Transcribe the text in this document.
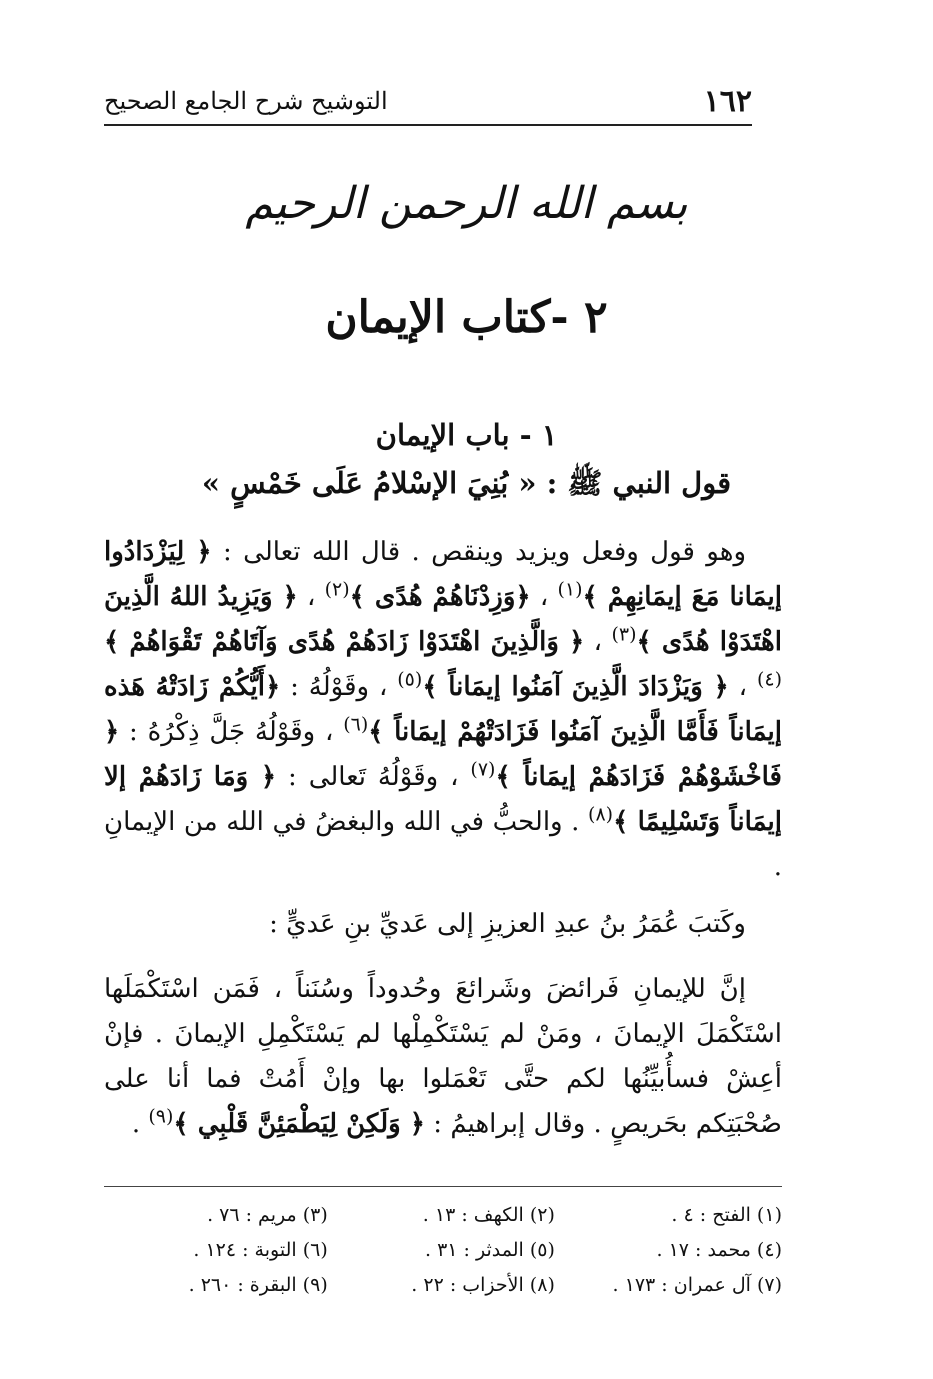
١٦٢
التوشيح شرح الجامع الصحيح
بسم الله الرحمن الرحيم
٢ -كتاب الإيمان
١ - باب الإيمان
قول النبي ﷺ : « بُنِيَ الإسْلامُ عَلَى خَمْسٍ »

وهو قول وفعل ويزيد وينقص . قال الله تعالى : ﴿ لِيَزْدَادُوا إيمَانا مَعَ إيمَانِهِمْ ﴾$^{(١)}$ ، ﴿وَزِدْنَاهُمْ هُدًى ﴾$^{(٢)}$ ، ﴿ وَيَزِيدُ اللهُ الَّذِينَ اهْتَدَوْا هُدًى ﴾$^{(٣)}$ ، ﴿ وَالَّذِينَ اهْتَدَوْا زَادَهُمْ هُدًى وَآتَاهُمْ تَقْوَاهُمْ ﴾$^{(٤)}$ ، ﴿ وَيَزْدَادَ الَّذِينَ آمَنُوا إيمَاناً ﴾$^{(٥)}$ ، وقَوْلُهُ : ﴿أَيُّكُمْ زَادَتْهُ هَذه إيمَاناً فَأَمَّا الَّذِينَ آمَنُوا فَزَادَتْهُمْ إيمَاناً ﴾$^{(٦)}$ ، وقَوْلُهُ جَلَّ ذِكْرُهُ : ﴿ فَاخْشَوْهُمْ فَزَادَهُمْ إيمَاناً ﴾$^{(٧)}$ ، وقَوْلُهُ تَعالى : ﴿ وَمَا زَادَهُمْ إلا إيمَاناً وَتَسْلِيمًا ﴾$^{(٨)}$ . والحبُّ في الله والبغضُ في الله من الإيمانِ .

وكَتبَ عُمَرُ بنُ عبدِ العزيزِ إلى عَديِّ بنِ عَديٍّ :

إنَّ للإيمانِ فَرائضَ وشَرائعَ وحُدوداً وسُنَناً ، فَمَن اسْتَكْمَلَها اسْتَكْمَلَ الإيمانَ ، ومَنْ لم يَسْتَكْمِلْها لم يَسْتَكْمِلِ الإيمانَ . فإنْ أعِشْ فسأُبيِّنُها لكم حتَّى تَعْمَلوا بها وإنْ أَمُتْ فما أنا على صُحْبَتِكم بحَريصٍ . وقال إبراهيمُ : ﴿ وَلَكِنْ لِيَطْمَئِنَّ قَلْبِي ﴾$^{(٩)}$ .

(١) الفتح : ٤ .
(٢) الكهف : ١٣ .
(٣) مريم : ٧٦ .
(٤) محمد : ١٧ .
(٥) المدثر : ٣١ .
(٦) التوبة : ١٢٤ .
(٧) آل عمران : ١٧٣ .
(٨) الأحزاب : ٢٢ .
(٩) البقرة : ٢٦٠ .
